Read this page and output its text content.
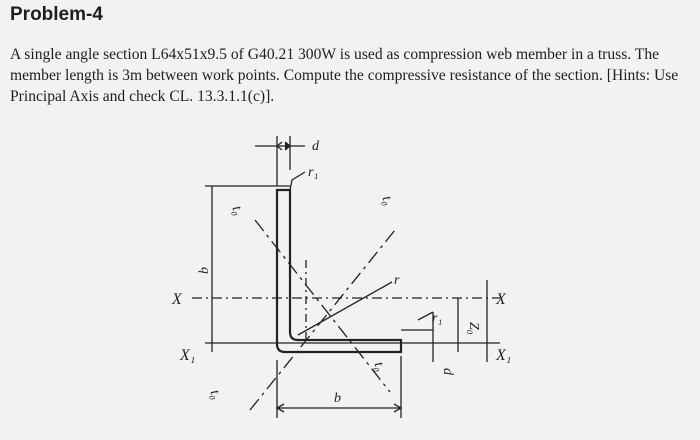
Problem-4
A single angle section L64x51x9.5 of G40.21 300W is used as compression web member in a truss. The member length is 3m between work points. Compute the compressive resistance of the section. [Hints: Use Principal Axis and check CL. 13.3.1.1(c)].
d
r₁
X
X₁
b
t₀
t₀
r
X
X₁
r₁
Z₀
d
t₀
t₀	b
